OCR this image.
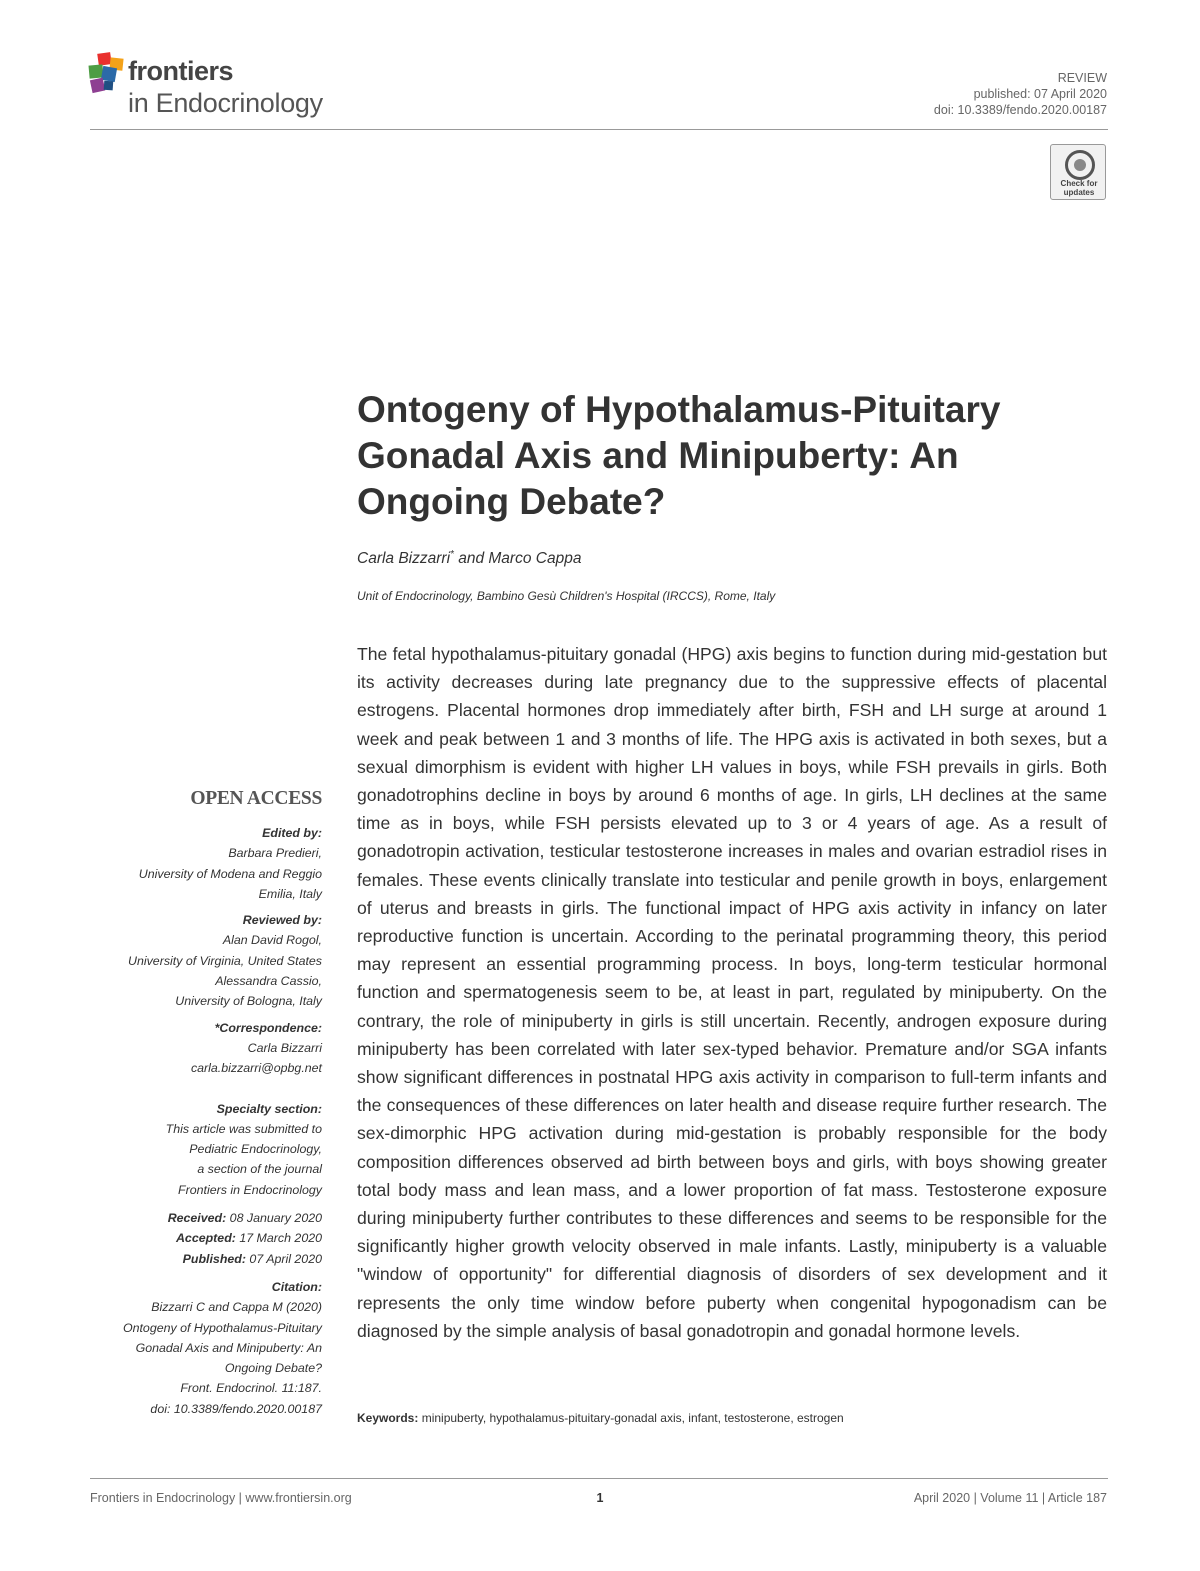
frontiers
in Endocrinology
REVIEW
published: 07 April 2020
doi: 10.3389/fendo.2020.00187
Check for
updates
Ontogeny of Hypothalamus-Pituitary Gonadal Axis and Minipuberty: An Ongoing Debate?
Carla Bizzarri* and Marco Cappa
Unit of Endocrinology, Bambino Gesù Children's Hospital (IRCCS), Rome, Italy

The fetal hypothalamus-pituitary gonadal (HPG) axis begins to function during mid-gestation but its activity decreases during late pregnancy due to the suppressive effects of placental estrogens. Placental hormones drop immediately after birth, FSH and LH surge at around 1 week and peak between 1 and 3 months of life. The HPG axis is activated in both sexes, but a sexual dimorphism is evident with higher LH values in boys, while FSH prevails in girls. Both gonadotrophins decline in boys by around 6 months of age. In girls, LH declines at the same time as in boys, while FSH persists elevated up to 3 or 4 years of age. As a result of gonadotropin activation, testicular testosterone increases in males and ovarian estradiol rises in females. These events clinically translate into testicular and penile growth in boys, enlargement of uterus and breasts in girls. The functional impact of HPG axis activity in infancy on later reproductive function is uncertain. According to the perinatal programming theory, this period may represent an essential programming process. In boys, long-term testicular hormonal function and spermatogenesis seem to be, at least in part, regulated by minipuberty. On the contrary, the role of minipuberty in girls is still uncertain. Recently, androgen exposure during minipuberty has been correlated with later sex-typed behavior. Premature and/or SGA infants show significant differences in postnatal HPG axis activity in comparison to full-term infants and the consequences of these differences on later health and disease require further research. The sex-dimorphic HPG activation during mid-gestation is probably responsible for the body composition differences observed ad birth between boys and girls, with boys showing greater total body mass and lean mass, and a lower proportion of fat mass. Testosterone exposure during minipuberty further contributes to these differences and seems to be responsible for the significantly higher growth velocity observed in male infants. Lastly, minipuberty is a valuable "window of opportunity" for differential diagnosis of disorders of sex development and it represents the only time window before puberty when congenital hypogonadism can be diagnosed by the simple analysis of basal gonadotropin and gonadal hormone levels.

Keywords: minipuberty, hypothalamus-pituitary-gonadal axis, infant, testosterone, estrogen
OPEN ACCESS
Edited by:
Barbara Predieri,
University of Modena and Reggio
Emilia, Italy
Reviewed by:
Alan David Rogol,
University of Virginia, United States
Alessandra Cassio,
University of Bologna, Italy
*Correspondence:
Carla Bizzarri
carla.bizzarri@opbg.net
Specialty section:
This article was submitted to
Pediatric Endocrinology,
a section of the journal
Frontiers in Endocrinology
Received: 08 January 2020
Accepted: 17 March 2020
Published: 07 April 2020
Citation:
Bizzarri C and Cappa M (2020)
Ontogeny of Hypothalamus-Pituitary
Gonadal Axis and Minipuberty: An
Ongoing Debate?
Front. Endocrinol. 11:187.
doi: 10.3389/fendo.2020.00187
Frontiers in Endocrinology | www.frontiersin.org	1	April 2020 | Volume 11 | Article 187
